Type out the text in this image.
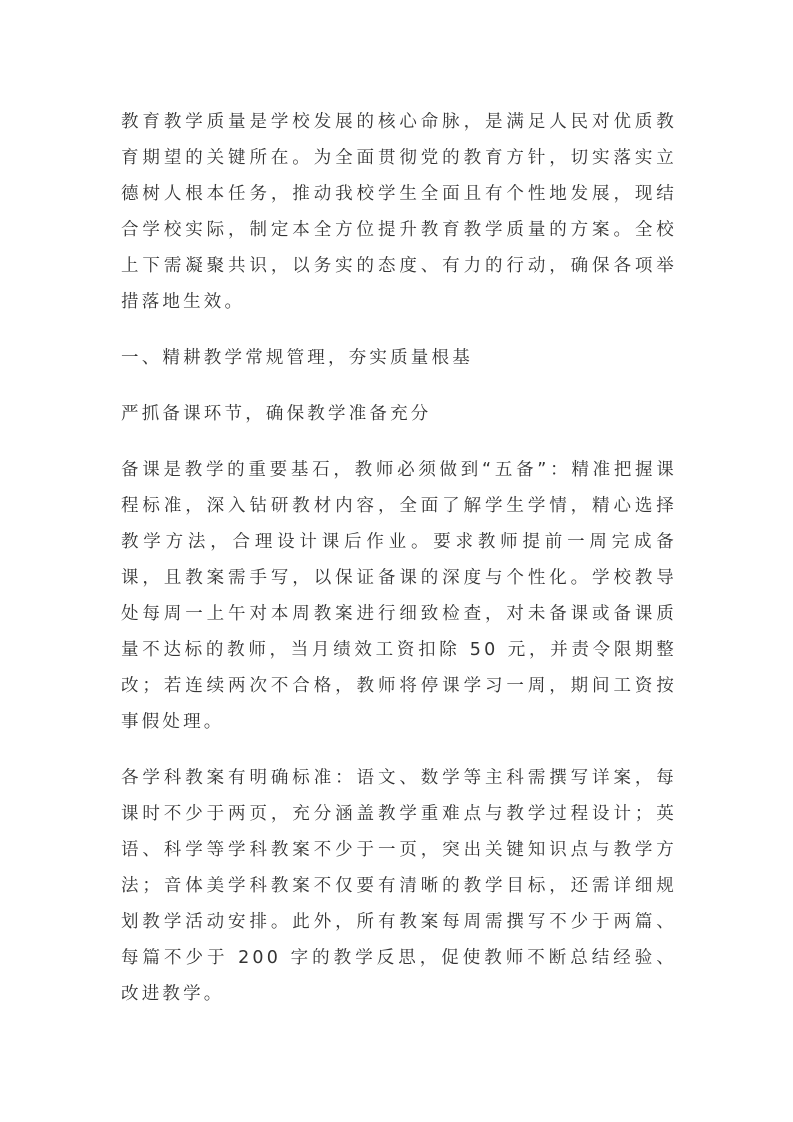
教育教学质量是学校发展的核心命脉，是满足人民对优质教育期望的关键所在。为全面贯彻党的教育方针，切实落实立德树人根本任务，推动我校学生全面且有个性地发展，现结合学校实际，制定本全方位提升教育教学质量的方案。全校上下需凝聚共识，以务实的态度、有力的行动，确保各项举措落地生效。

一、精耕教学常规管理，夯实质量根基

严抓备课环节，确保教学准备充分

备课是教学的重要基石，教师必须做到“五备”：精准把握课程标准，深入钻研教材内容，全面了解学生学情，精心选择教学方法，合理设计课后作业。要求教师提前一周完成备课，且教案需手写，以保证备课的深度与个性化。学校教导处每周一上午对本周教案进行细致检查，对未备课或备课质量不达标的教师，当月绩效工资扣除 50 元，并责令限期整改；若连续两次不合格，教师将停课学习一周，期间工资按事假处理。

各学科教案有明确标准：语文、数学等主科需撰写详案，每课时不少于两页，充分涵盖教学重难点与教学过程设计；英语、科学等学科教案不少于一页，突出关键知识点与教学方法；音体美学科教案不仅要有清晰的教学目标，还需详细规划教学活动安排。此外，所有教案每周需撰写不少于两篇、每篇不少于 200 字的教学反思，促使教师不断总结经验、改进教学。
